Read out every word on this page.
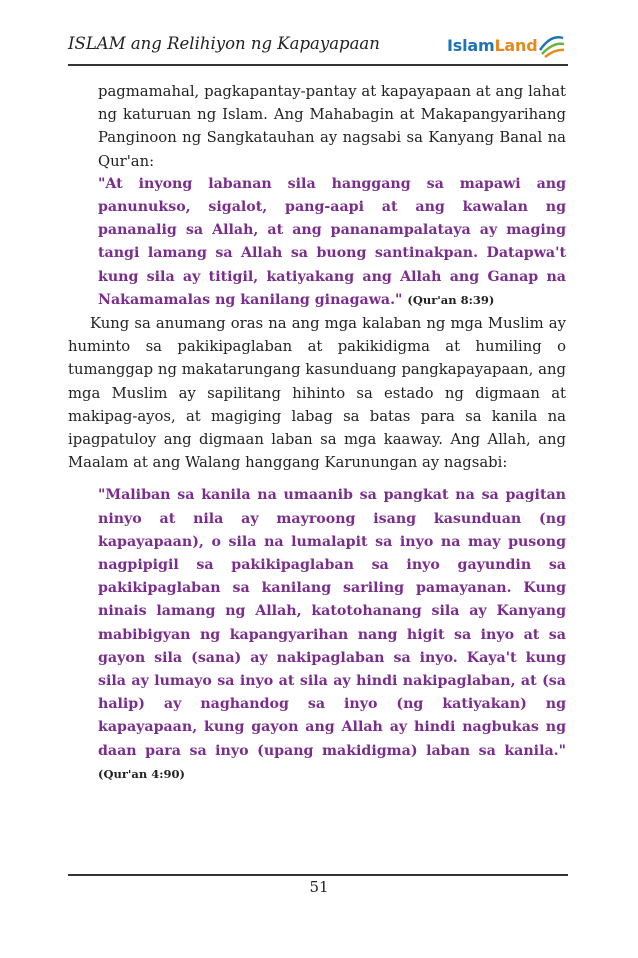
ISLAM ang Relihiyon ng Kapayapaan	IslamLand

pagmamahal, pagkapantay-pantay at kapayapaan at ang lahat ng katuruan ng Islam. Ang Mahabagin at Makapangyarihang Panginoon ng Sangkatauhan ay nagsabi sa Kanyang Banal na Qur'an:

"At inyong labanan sila hanggang sa mapawi ang panunukso, sigalot, pang-aapi at ang kawalan ng pananalig sa Allah, at ang pananampalataya ay maging tangi lamang sa Allah sa buong santinakpan. Datapwa't kung sila ay titigil, katiyakang ang Allah ang Ganap na Nakamamalas ng kanilang ginagawa." (Qur'an 8:39)

Kung sa anumang oras na ang mga kalaban ng mga Muslim ay huminto sa pakikipaglaban at pakikidigma at humiling o tumanggap ng makatarungang kasunduang pangkapayapaan, ang mga Muslim ay sapilitang hihinto sa estado ng digmaan at makipag-ayos, at magiging labag sa batas para sa kanila na ipagpatuloy ang digmaan laban sa mga kaaway. Ang Allah, ang Maalam at ang Walang hanggang Karunungan ay nagsabi:

"Maliban sa kanila na umaanib sa pangkat na sa pagitan ninyo at nila ay mayroong isang kasunduan (ng kapayapaan), o sila na lumalapit sa inyo na may pusong nagpipigil sa pakikipaglaban sa inyo gayundin sa pakikipaglaban sa kanilang sariling pamayanan. Kung ninais lamang ng Allah, katotohanang sila ay Kanyang mabibigyan ng kapangyarihan nang higit sa inyo at sa gayon sila (sana) ay nakipaglaban sa inyo. Kaya't kung sila ay lumayo sa inyo at sila ay hindi nakipaglaban, at (sa halip) ay naghandog sa inyo (ng katiyakan) ng kapayapaan, kung gayon ang Allah ay hindi nagbukas ng daan para sa inyo (upang makidigma) laban sa kanila." (Qur'an 4:90)

51
